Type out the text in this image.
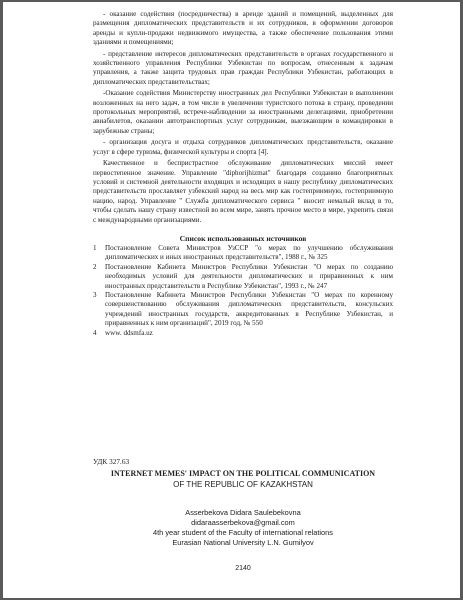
- оказание содействия (посредничества) в аренде зданий и помещений, выделенных для размещения дипломатических представительств и их сотрудников, в оформлении договоров аренды и купли-продажи недвижимого имущества, а также обеспечение пользования этими зданиями и помещениями;

- представление интересов дипломатических представительств в органах государственного и хозяйственного управления Республики Узбекистан по вопросам, отнесенным к задачам управления, а также защита трудовых прав граждан Республики Узбекистан, работающих в дипломатических представительствах;

-Оказание содействия Министерству иностранных дел Республики Узбекистан в выполнении возложенных на него задач, в том числе в увеличении туристского потока в страну, проведении протокольных мероприятий, встрече-наблюдении за иностранными делегациями, приобретении авиабилетов, оказании автотранспортных услуг сотрудникам, выезжающим в командировки в зарубежные страны;

- организация досуга и отдыха сотрудников дипломатических представительств, оказание услуг в сфере туризма, физической культуры и спорта [4].

Качественное и беспристрастное обслуживание дипломатических миссий имеет первостепенное значение. Управление "diphorijhizmat" благодаря созданию благоприятных условий и системной деятельности входящих и исходящих в нашу республику дипломатических представительств прославляет узбекский народ на весь мир как гостеприимную, гостеприимную нацию, народ. Управление " Служба дипломатического сервиса " вносит немалый вклад в то, чтобы сделать нашу страну известной во всем мире, занять прочное место в мире, укрепить связи с международными организациями.

Список использованных источников
1	Постановление Совета Министров УзССР "о мерах по улучшению обслуживания дипломатических и иных иностранных представительств", 1988 г., № 325
2	Постановление Кабинета Министров Республики Узбекистан "О мерах по созданию необходимых условий для деятельности дипломатических и приравненных к ним иностранных представительств в Республике Узбекистан", 1993 г., № 247
3	Постановление Кабинета Министров Республики Узбекистан "О мерах по коренному совершенствованию обслуживания дипломатических представительств, консульских учреждений иностранных государств, аккредитованных в Республике Узбекистан, и приравненных к ним организаций", 2019 год, № 550
4	www. ddsmfa.uz
УДК 327.63
INTERNET MEMES' IMPACT ON THE POLITICAL COMMUNICATION
OF THE REPUBLIC OF KAZAKHSTAN
Asserbekova Didara Saulebekovna
didaraasserbekova@gmail.com
4th year student of the Faculty of international relations
Eurasian National University L.N. Gumilyov
2140
